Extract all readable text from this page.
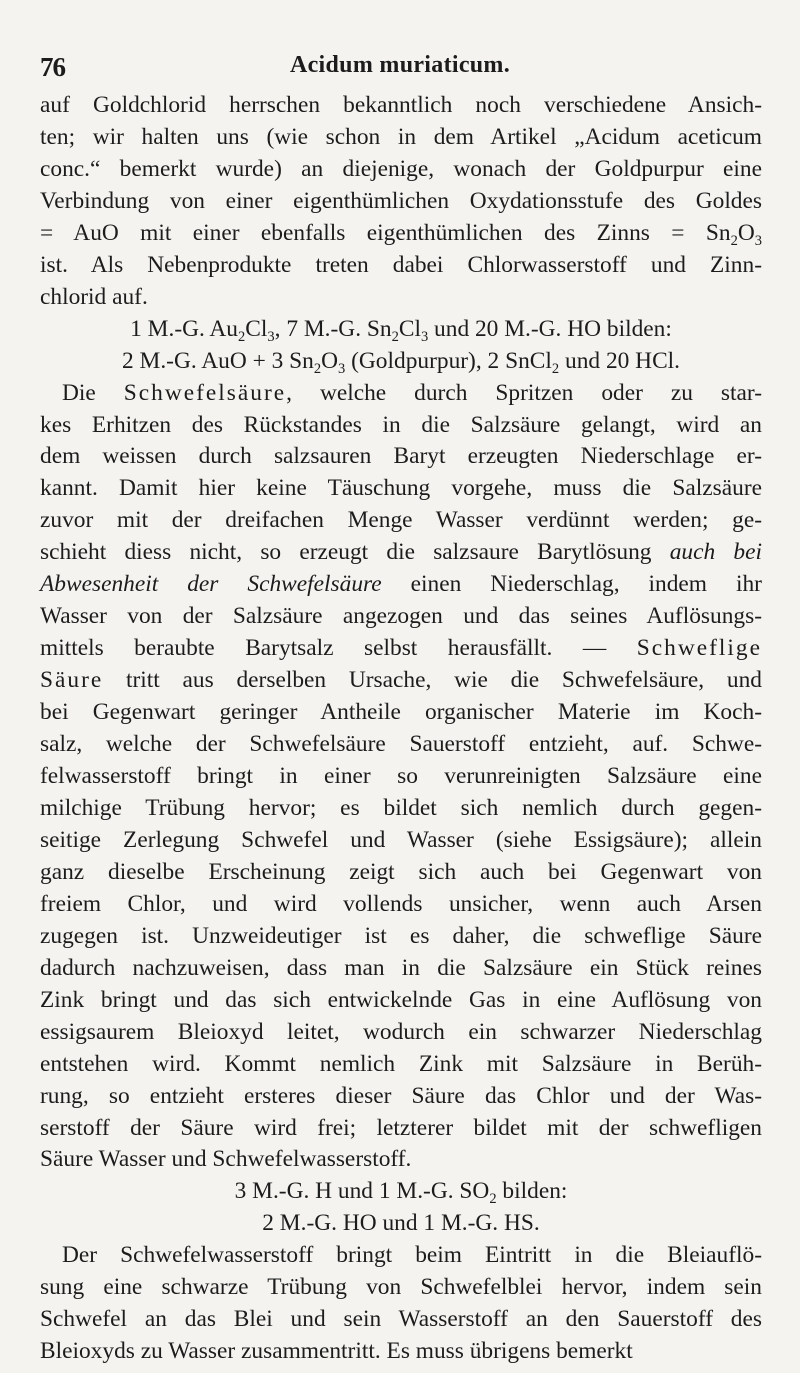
76	Acidum muriaticum.
auf Goldchlorid herrschen bekanntlich noch verschiedene Ansich-
ten; wir halten uns (wie schon in dem Artikel „Acidum aceticum
conc.“ bemerkt wurde) an diejenige, wonach der Goldpurpur eine
Verbindung von einer eigenthümlichen Oxydationsstufe des Goldes
= AuO mit einer ebenfalls eigenthümlichen des Zinns = $Sn_2O_3$
ist. Als Nebenprodukte treten dabei Chlorwasserstoff und Zinn-
chlorid auf.
1 M.-G. $Au_2Cl_3$, 7 M.-G. $Sn_2Cl_3$ und 20 M.-G. HO bilden:
2 M.-G. AuO + 3 $Sn_2O_3$ (Goldpurpur), 2 SnCl$_2$ und 20 HCl.
Die Schwefelsäure, welche durch Spritzen oder zu star-
kes Erhitzen des Rückstandes in die Salzsäure gelangt, wird an
dem weissen durch salzsauren Baryt erzeugten Niederschlage er-
kannt. Damit hier keine Täuschung vorgehe, muss die Salzsäure
zuvor mit der dreifachen Menge Wasser verdünnt werden; ge-
schieht diess nicht, so erzeugt die salzsaure Barytlösung auch bei
Abwesenheit der Schwefelsäure einen Niederschlag, indem ihr
Wasser von der Salzsäure angezogen und das seines Auflösungs-
mittels beraubte Barytsalz selbst herausfällt. — Schweflige
Säure tritt aus derselben Ursache, wie die Schwefelsäure, und
bei Gegenwart geringer Antheile organischer Materie im Koch-
salz, welche der Schwefelsäure Sauerstoff entzieht, auf. Schwe-
felwasserstoff bringt in einer so verunreinigten Salzsäure eine
milchige Trübung hervor; es bildet sich nemlich durch gegen-
seitige Zerlegung Schwefel und Wasser (siehe Essigsäure); allein
ganz dieselbe Erscheinung zeigt sich auch bei Gegenwart von
freiem Chlor, und wird vollends unsicher, wenn auch Arsen
zugegen ist. Unzweideutiger ist es daher, die schweflige Säure
dadurch nachzuweisen, dass man in die Salzsäure ein Stück reines
Zink bringt und das sich entwickelnde Gas in eine Auflösung von
essigsaurem Bleioxyd leitet, wodurch ein schwarzer Niederschlag
entstehen wird. Kommt nemlich Zink mit Salzsäure in Berüh-
rung, so entzieht ersteres dieser Säure das Chlor und der Was-
serstoff der Säure wird frei; letzterer bildet mit der schwefligen
Säure Wasser und Schwefelwasserstoff.
3 M.-G. H und 1 M.-G. $SO_2$ bilden:
2 M.-G. HO und 1 M.-G. HS.
Der Schwefelwasserstoff bringt beim Eintritt in die Bleiauflö-
sung eine schwarze Trübung von Schwefelblei hervor, indem sein
Schwefel an das Blei und sein Wasserstoff an den Sauerstoff des
Bleioxyds zu Wasser zusammentritt. Es muss übrigens bemerkt
